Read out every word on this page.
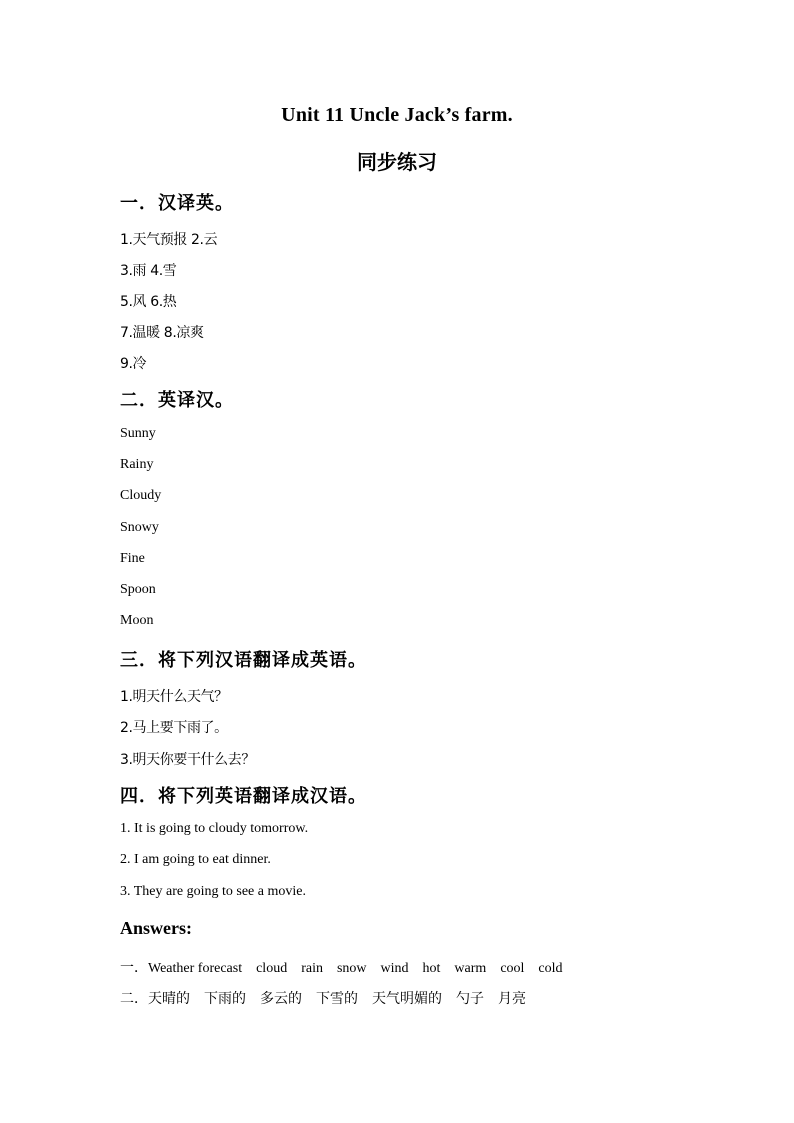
Unit 11 Uncle Jack’s farm.
同步练习
一．汉译英。
1.天气预报 2.云
3.雨 4.雪
5.风 6.热
7.温暖 8.凉爽
9.冷
二．英译汉。
Sunny
Rainy
Cloudy
Snowy
Fine
Spoon
Moon
三．将下列汉语翻译成英语。
1.明天什么天气？
2.马上要下雨了。
3.明天你要干什么去？
四．将下列英语翻译成汉语。
1. It is going to cloudy tomorrow.
2. I am going to eat dinner.
3. They are going to see a movie.
Answers:
一．Weather forecast cloud rain snow wind hot warm cool cold
二．天晴的 下雨的 多云的 下雪的 天气明媚的 勺子 月亮
